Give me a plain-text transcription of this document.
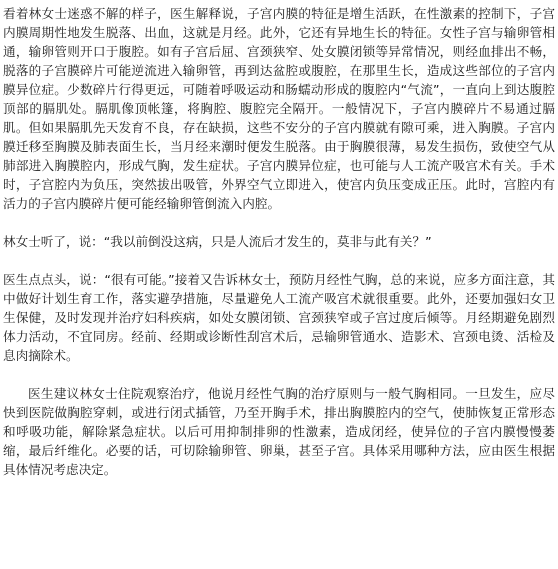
看着林女士迷惑不解的样子，医生解释说，子宫内膜的特征是增生活跃，在性激素的控制下，子宫内膜周期性地发生脱落、出血，这就是月经。此外，它还有异地生长的特征。女性子宫与输卵管相通，输卵管则开口于腹腔。如有子宫后屈、宫颈狭窄、处女膜闭锁等异常情况，则经血排出不畅，脱落的子宫膜碎片可能逆流进入输卵管，再到达盆腔或腹腔，在那里生长，造成这些部位的子宫内膜异位症。少数碎片行得更远，可随着呼吸运动和肠蠕动形成的腹腔内“气流”，一直向上到达腹腔顶部的膈肌处。膈肌像顶帐篷，将胸腔、腹腔完全隔开。一般情况下，子宫内膜碎片不易通过膈肌。但如果膈肌先天发育不良，存在缺损，这些不安分的子宫内膜就有隙可乘，进入胸膜。子宫内膜迁移至胸膜及肺表面生长，当月经来潮时便发生脱落。由于胸膜很薄，易发生损伤，致使空气从肺部进入胸膜腔内，形成气胸，发生症状。子宫内膜异位症，也可能与人工流产吸宫术有关。手术时，子宫腔内为负压，突然拔出吸管，外界空气立即进入，使宫内负压变成正压。此时，宫腔内有活力的子宫内膜碎片便可能经输卵管倒流入内腔。

林女士听了，说：“我以前倒没这病，只是人流后才发生的，莫非与此有关？”

医生点点头，说：“很有可能。”接着又告诉林女士，预防月经性气胸，总的来说，应多方面注意，其中做好计划生育工作，落实避孕措施，尽量避免人工流产吸宫术就很重要。此外，还要加强妇女卫生保健，及时发现并治疗妇科疾病，如处女膜闭锁、宫颈狭窄或子宫过度后倾等。月经期避免剧烈体力活动，不宜同房。经前、经期或诊断性刮宫术后，忌输卵管通水、造影术、宫颈电烫、活检及息肉摘除术。

医生建议林女士住院观察治疗，他说月经性气胸的治疗原则与一般气胸相同。一旦发生，应尽快到医院做胸腔穿刺，或进行闭式插管，乃至开胸手术，排出胸膜腔内的空气，使肺恢复正常形态和呼吸功能，解除紧急症状。以后可用抑制排卵的性激素，造成闭经，使异位的子宫内膜慢慢萎缩，最后纤维化。必要的话，可切除输卵管、卵巢，甚至子宫。具体采用哪种方法，应由医生根据具体情况考虑决定。
